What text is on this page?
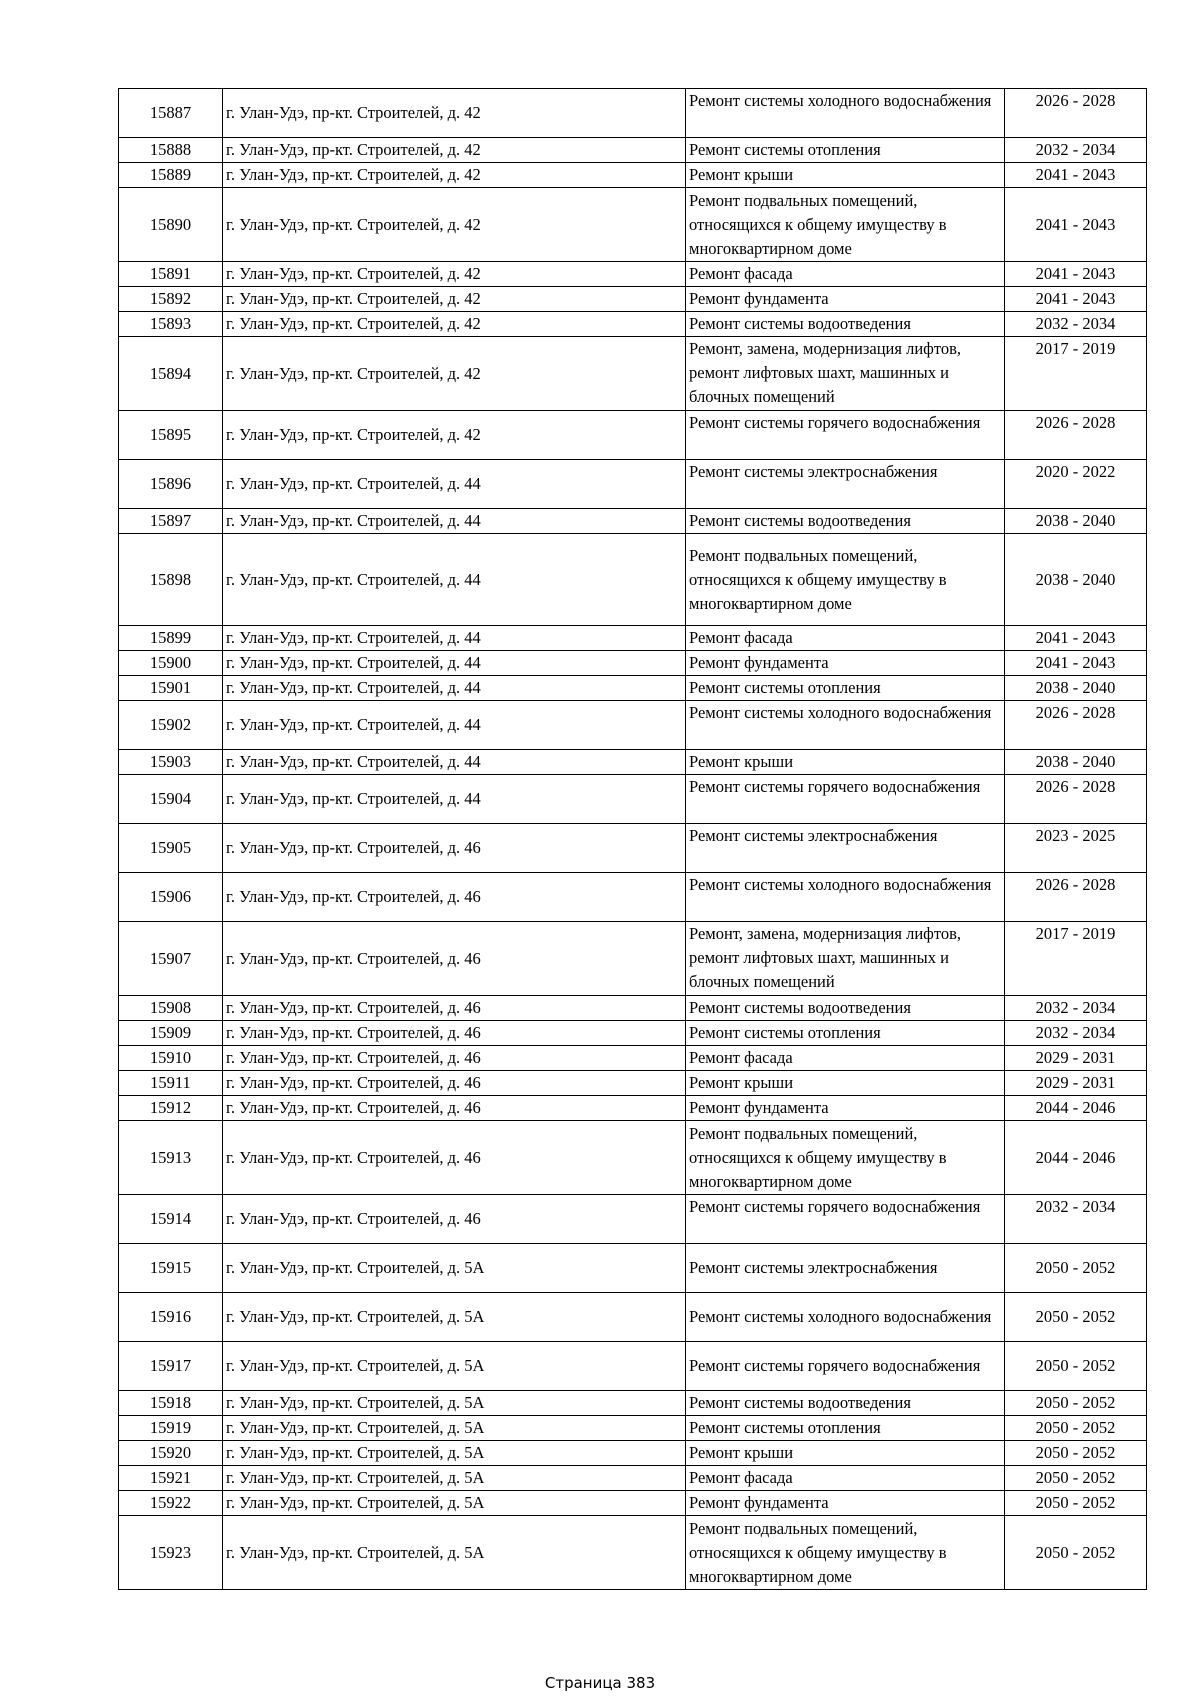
15887	г. Улан-Удэ, пр-кт. Строителей, д. 42	Ремонт системы холодного водоснабжения	2026 - 2028
15888	г. Улан-Удэ, пр-кт. Строителей, д. 42	Ремонт системы отопления	2032 - 2034
15889	г. Улан-Удэ, пр-кт. Строителей, д. 42	Ремонт крыши	2041 - 2043
15890	г. Улан-Удэ, пр-кт. Строителей, д. 42	Ремонт подвальных помещений, относящихся к общему имуществу в многоквартирном доме	2041 - 2043
15891	г. Улан-Удэ, пр-кт. Строителей, д. 42	Ремонт фасада	2041 - 2043
15892	г. Улан-Удэ, пр-кт. Строителей, д. 42	Ремонт фундамента	2041 - 2043
15893	г. Улан-Удэ, пр-кт. Строителей, д. 42	Ремонт системы водоотведения	2032 - 2034
15894	г. Улан-Удэ, пр-кт. Строителей, д. 42	Ремонт, замена, модернизация лифтов, ремонт лифтовых шахт, машинных и блочных помещений	2017 - 2019
15895	г. Улан-Удэ, пр-кт. Строителей, д. 42	Ремонт системы горячего водоснабжения	2026 - 2028
15896	г. Улан-Удэ, пр-кт. Строителей, д. 44	Ремонт системы электроснабжения	2020 - 2022
15897	г. Улан-Удэ, пр-кт. Строителей, д. 44	Ремонт системы водоотведения	2038 - 2040
15898	г. Улан-Удэ, пр-кт. Строителей, д. 44	Ремонт подвальных помещений, относящихся к общему имуществу в многоквартирном доме	2038 - 2040
15899	г. Улан-Удэ, пр-кт. Строителей, д. 44	Ремонт фасада	2041 - 2043
15900	г. Улан-Удэ, пр-кт. Строителей, д. 44	Ремонт фундамента	2041 - 2043
15901	г. Улан-Удэ, пр-кт. Строителей, д. 44	Ремонт системы отопления	2038 - 2040
15902	г. Улан-Удэ, пр-кт. Строителей, д. 44	Ремонт системы холодного водоснабжения	2026 - 2028
15903	г. Улан-Удэ, пр-кт. Строителей, д. 44	Ремонт крыши	2038 - 2040
15904	г. Улан-Удэ, пр-кт. Строителей, д. 44	Ремонт системы горячего водоснабжения	2026 - 2028
15905	г. Улан-Удэ, пр-кт. Строителей, д. 46	Ремонт системы электроснабжения	2023 - 2025
15906	г. Улан-Удэ, пр-кт. Строителей, д. 46	Ремонт системы холодного водоснабжения	2026 - 2028
15907	г. Улан-Удэ, пр-кт. Строителей, д. 46	Ремонт, замена, модернизация лифтов, ремонт лифтовых шахт, машинных и блочных помещений	2017 - 2019
15908	г. Улан-Удэ, пр-кт. Строителей, д. 46	Ремонт системы водоотведения	2032 - 2034
15909	г. Улан-Удэ, пр-кт. Строителей, д. 46	Ремонт системы отопления	2032 - 2034
15910	г. Улан-Удэ, пр-кт. Строителей, д. 46	Ремонт фасада	2029 - 2031
15911	г. Улан-Удэ, пр-кт. Строителей, д. 46	Ремонт крыши	2029 - 2031
15912	г. Улан-Удэ, пр-кт. Строителей, д. 46	Ремонт фундамента	2044 - 2046
15913	г. Улан-Удэ, пр-кт. Строителей, д. 46	Ремонт подвальных помещений, относящихся к общему имуществу в многоквартирном доме	2044 - 2046
15914	г. Улан-Удэ, пр-кт. Строителей, д. 46	Ремонт системы горячего водоснабжения	2032 - 2034
15915	г. Улан-Удэ, пр-кт. Строителей, д. 5А	Ремонт системы электроснабжения	2050 - 2052
15916	г. Улан-Удэ, пр-кт. Строителей, д. 5А	Ремонт системы холодного водоснабжения	2050 - 2052
15917	г. Улан-Удэ, пр-кт. Строителей, д. 5А	Ремонт системы горячего водоснабжения	2050 - 2052
15918	г. Улан-Удэ, пр-кт. Строителей, д. 5А	Ремонт системы водоотведения	2050 - 2052
15919	г. Улан-Удэ, пр-кт. Строителей, д. 5А	Ремонт системы отопления	2050 - 2052
15920	г. Улан-Удэ, пр-кт. Строителей, д. 5А	Ремонт крыши	2050 - 2052
15921	г. Улан-Удэ, пр-кт. Строителей, д. 5А	Ремонт фасада	2050 - 2052
15922	г. Улан-Удэ, пр-кт. Строителей, д. 5А	Ремонт фундамента	2050 - 2052
15923	г. Улан-Удэ, пр-кт. Строителей, д. 5А	Ремонт подвальных помещений, относящихся к общему имуществу в многоквартирном доме	2050 - 2052
Страница 383
